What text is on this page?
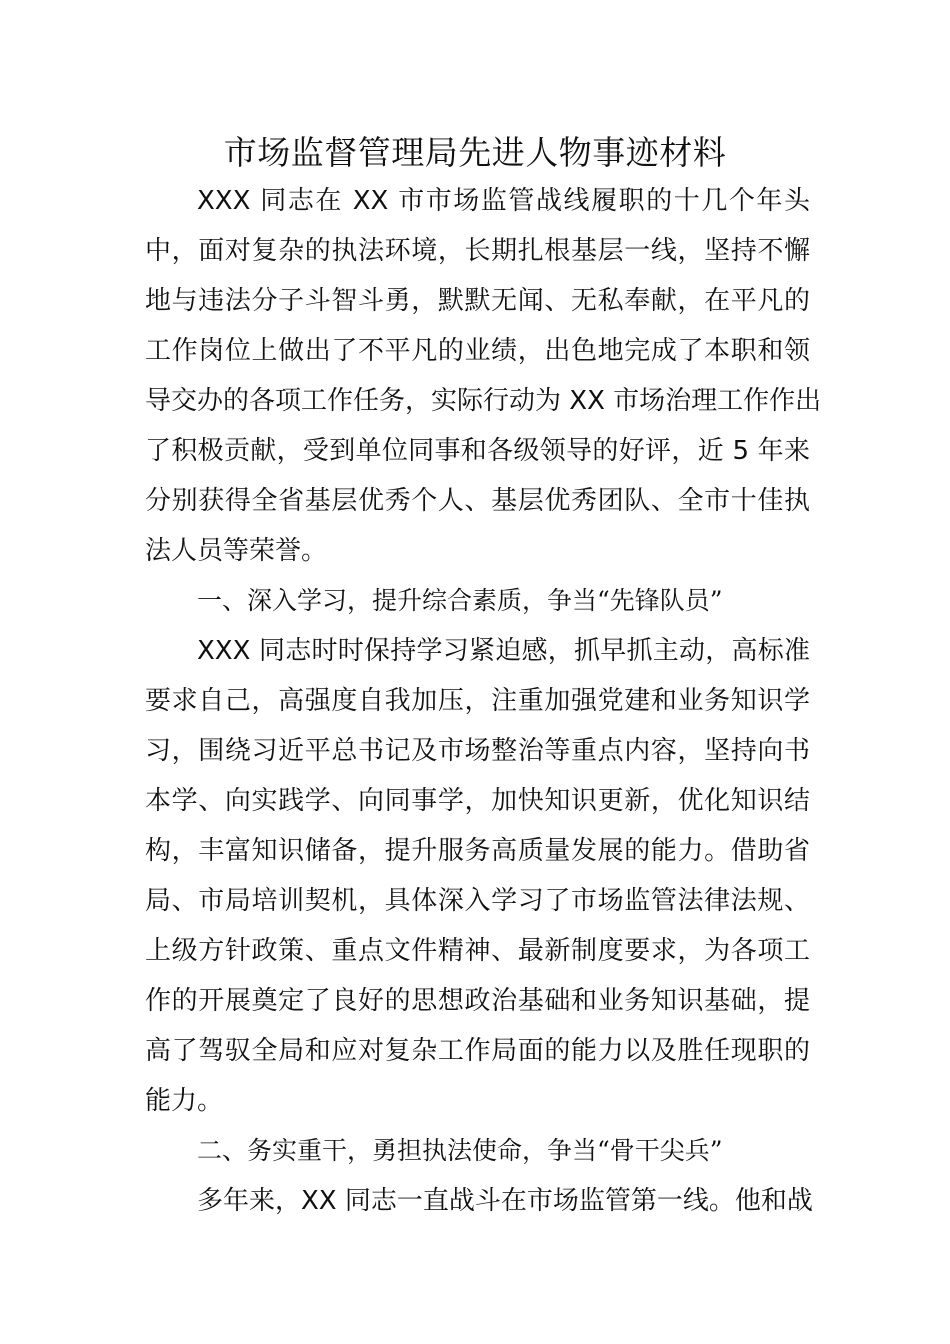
市场监督管理局先进人物事迹材料
XXX 同志在 XX 市市场监管战线履职的十几个年头
中，面对复杂的执法环境，长期扎根基层一线，坚持不懈
地与违法分子斗智斗勇，默默无闻、无私奉献，在平凡的
工作岗位上做出了不平凡的业绩，出色地完成了本职和领
导交办的各项工作任务，实际行动为 XX 市场治理工作作出
了积极贡献，受到单位同事和各级领导的好评，近 5 年来
分别获得全省基层优秀个人、基层优秀团队、全市十佳执
法人员等荣誉。
一、深入学习，提升综合素质，争当“先锋队员”
XXX 同志时时保持学习紧迫感，抓早抓主动，高标准
要求自己，高强度自我加压，注重加强党建和业务知识学
习，围绕习近平总书记及市场整治等重点内容，坚持向书
本学、向实践学、向同事学，加快知识更新，优化知识结
构，丰富知识储备，提升服务高质量发展的能力。借助省
局、市局培训契机，具体深入学习了市场监管法律法规、
上级方针政策、重点文件精神、最新制度要求，为各项工
作的开展奠定了良好的思想政治基础和业务知识基础，提
高了驾驭全局和应对复杂工作局面的能力以及胜任现职的
能力。
二、务实重干，勇担执法使命，争当“骨干尖兵”
多年来，XX 同志一直战斗在市场监管第一线。他和战
